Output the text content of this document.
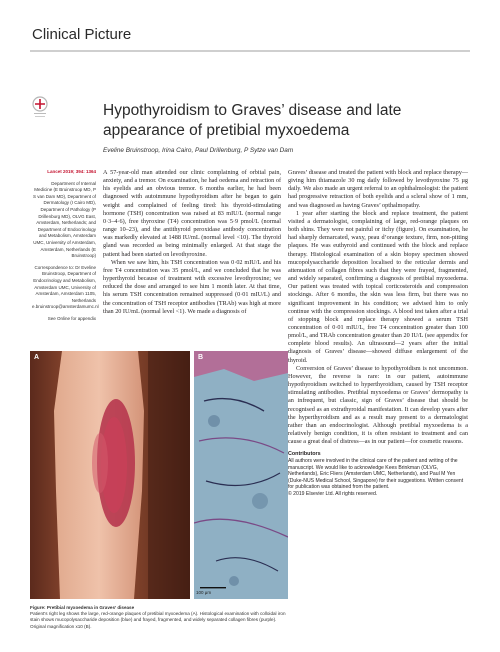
Clinical Picture
Hypothyroidism to Graves’ disease and late appearance of pretibial myxoedema
Eveline Bruinstroop, Irina Cairo, Paul Drillenburg, P Sytze van Dam
Lancet 2019; 394: 1364

Department of Internal Medicine (E Bruinstroop MD, P S van Dam MD), Department of Dermatology (I Cairo MD), Department of Pathology (P Drillenburg MD), OLVG East, Amsterdam, Netherlands; and Department of Endocrinology and Metabolism, Amsterdam UMC, University of Amsterdam, Amsterdam, Netherlands (E Bruinstroop)

Correspondence to: Dr Eveline Bruinstroop, Department of Endocrinology and Metabolism, Amsterdam UMC, University of Amsterdam, Amsterdam 1105, Netherlands e.bruinstroop@amsterdamumc.nl

See Online for appendix

A 57-year-old man attended our clinic complaining of orbital pain, anxiety, and a tremor. On examination, he had oedema and retraction of his eyelids and an obvious tremor. 6 months earlier, he had been diagnosed with autoimmune hypothyroidism after he began to gain weight and complained of feeling tired: his thyroid-stimulating hormone (TSH) concentration was raised at 83 mIU/L (normal range 0·3–4·6), free thyroxine (T4) concentration was 5·9 pmol/L (normal range 10–23), and the antithyroid peroxidase antibody concentration was markedly elevated at 1488 IU/mL (normal level <10). The thyroid gland was recorded as being minimally enlarged. At that stage the patient had been started on levothyroxine.

When we saw him, his TSH concentration was 0·02 mIU/L and his free T4 concentration was 35 pmol/L, and we concluded that he was hyperthyroid because of treatment with excessive levothyroxine; we reduced the dose and arranged to see him 1 month later. At that time, his serum TSH concentration remained suppressed (0·01 mIU/L) and the concentration of TSH receptor antibodies (TRAb) was high at more than 20 IU/mL (normal level <1). We made a diagnosis of

Graves’ disease and treated the patient with block and replace therapy—giving him thiamazole 30 mg daily followed by levothyroxine 75 µg daily. We also made an urgent referral to an ophthalmologist: the patient had progressive retraction of both eyelids and a scleral show of 1 mm, and was diagnosed as having Graves’ opthalmopathy.

1 year after starting the block and replace treatment, the patient visited a dermatologist, complaining of large, red-orange plaques on both shins. They were not painful or itchy (figure). On examination, he had sharply demarcated, waxy, peau d’orange texture, firm, non-pitting plaques. He was euthyroid and continued with the block and replace therapy. Histological examination of a skin biopsy specimen showed mucopolysaccharide deposition localised to the reticular dermis and attenuation of collagen fibres such that they were frayed, fragmented, and widely separated, confirming a diagnosis of pretibial myxoedema. Our patient was treated with topical corticosteroids and compression stockings. After 6 months, the skin was less firm, but there was no significant improvement in his condition; we advised him to only continue with the compression stockings. A blood test taken after a trial of stopping block and replace therapy showed a serum TSH concentration of 0·01 mIU/L, free T4 concentration greater than 100 pmol/L, and TRAb concentration greater than 20 IU/L (see appendix for complete blood results). An ultrasound—2 years after the initial diagnosis of Graves’ disease—showed diffuse enlargement of the thyroid.

Conversion of Graves’ disease to hypothyroidism is not uncommon. However, the reverse is rare: in our patient, autoimmune hypothyroidism switched to hyperthyroidism, caused by TSH receptor stimulating antibodies. Pretibial myxoedema or Graves’ dermopathy is an infrequent, but classic, sign of Graves’ disease that should be recognised as an extrathyroidal manifestation. It can develop years after the hyperthyroidism and as a result may present to a dermatologist rather than an endocrinologist. Although pretibial myxoedema is a relatively benign condition, it is often resistant to treatment and can cause a great deal of distress—as in our patient—for cosmetic reasons.

Contributors

All authors were involved in the clinical care of the patient and writing of the manuscript. We would like to acknowledge Kees Brinkman (OLVG, Netherlands), Eric Fliers (Amsterdam UMC, Netherlands), and Paul M Yen (Duke-NUS Medical School, Singapore) for their suggestions. Written consent for publication was obtained from the patient.

© 2019 Elsevier Ltd. All rights reserved.

A	B
100 μm
Figure: Pretibial myxoedema in Graves’ disease
Patient’s right leg shows the large, red-orange plaques of pretibial myxoedema (A). Histological examination with colloidal iron stain shows mucopolysaccharide deposition (blue) and frayed, fragmented, and widely separated collagen fibres (purple). Original magnification x10 (B).
